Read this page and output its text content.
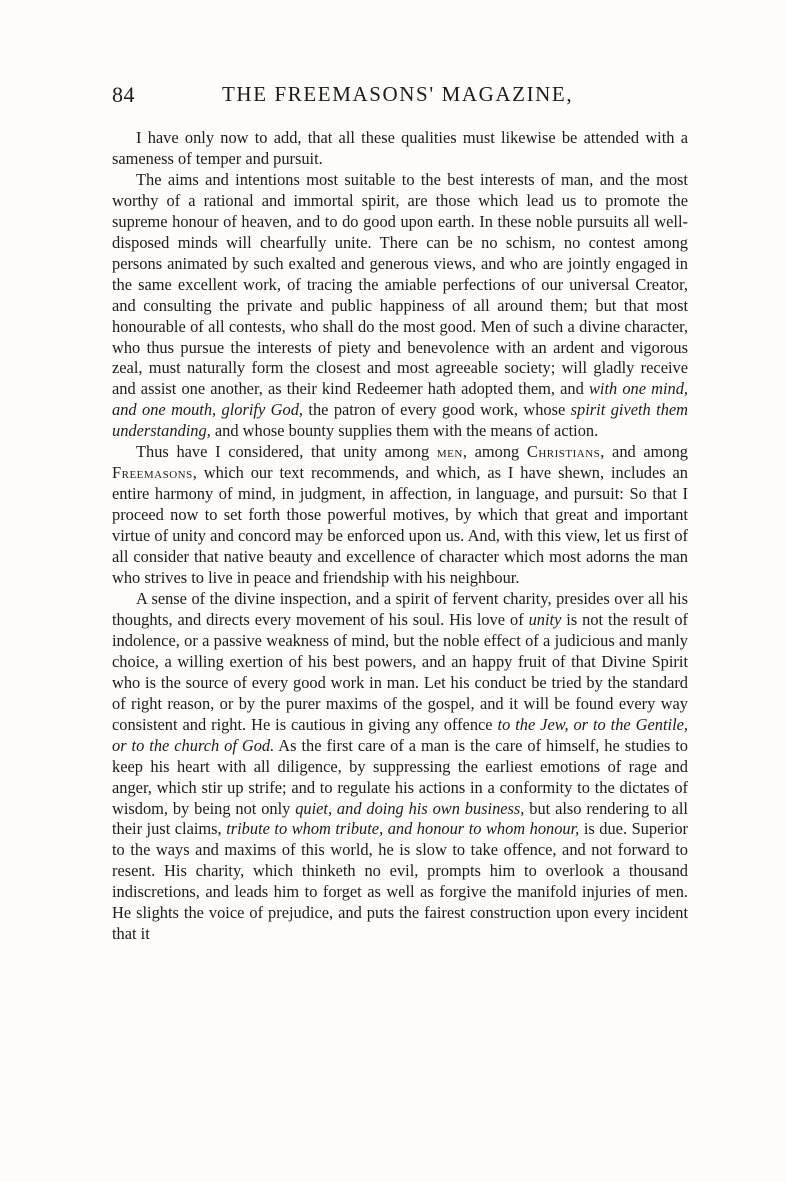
84	THE FREEMASONS' MAGAZINE,

I have only now to add, that all these qualities must likewise be attended with a sameness of temper and pursuit.

The aims and intentions most suitable to the best interests of man, and the most worthy of a rational and immortal spirit, are those which lead us to promote the supreme honour of heaven, and to do good upon earth. In these noble pursuits all well-disposed minds will chearfully unite. There can be no schism, no contest among persons animated by such exalted and generous views, and who are jointly engaged in the same excellent work, of tracing the amiable perfections of our universal Creator, and consulting the private and public happiness of all around them; but that most honourable of all contests, who shall do the most good. Men of such a divine character, who thus pursue the interests of piety and benevolence with an ardent and vigorous zeal, must naturally form the closest and most agreeable society; will gladly receive and assist one another, as their kind Redeemer hath adopted them, and with one mind, and one mouth, glorify God, the patron of every good work, whose spirit giveth them understanding, and whose bounty supplies them with the means of action.

Thus have I considered, that unity among men, among Christians, and among Freemasons, which our text recommends, and which, as I have shewn, includes an entire harmony of mind, in judgment, in affection, in language, and pursuit: So that I proceed now to set forth those powerful motives, by which that great and important virtue of unity and concord may be enforced upon us. And, with this view, let us first of all consider that native beauty and excellence of character which most adorns the man who strives to live in peace and friendship with his neighbour.

A sense of the divine inspection, and a spirit of fervent charity, presides over all his thoughts, and directs every movement of his soul. His love of unity is not the result of indolence, or a passive weakness of mind, but the noble effect of a judicious and manly choice, a willing exertion of his best powers, and an happy fruit of that Divine Spirit who is the source of every good work in man. Let his conduct be tried by the standard of right reason, or by the purer maxims of the gospel, and it will be found every way consistent and right. He is cautious in giving any offence to the Jew, or to the Gentile, or to the church of God. As the first care of a man is the care of himself, he studies to keep his heart with all diligence, by suppressing the earliest emotions of rage and anger, which stir up strife; and to regulate his actions in a conformity to the dictates of wisdom, by being not only quiet, and doing his own business, but also rendering to all their just claims, tribute to whom tribute, and honour to whom honour, is due. Superior to the ways and maxims of this world, he is slow to take offence, and not forward to resent. His charity, which thinketh no evil, prompts him to overlook a thousand indiscretions, and leads him to forget as well as forgive the manifold injuries of men. He slights the voice of prejudice, and puts the fairest construction upon every incident that it
